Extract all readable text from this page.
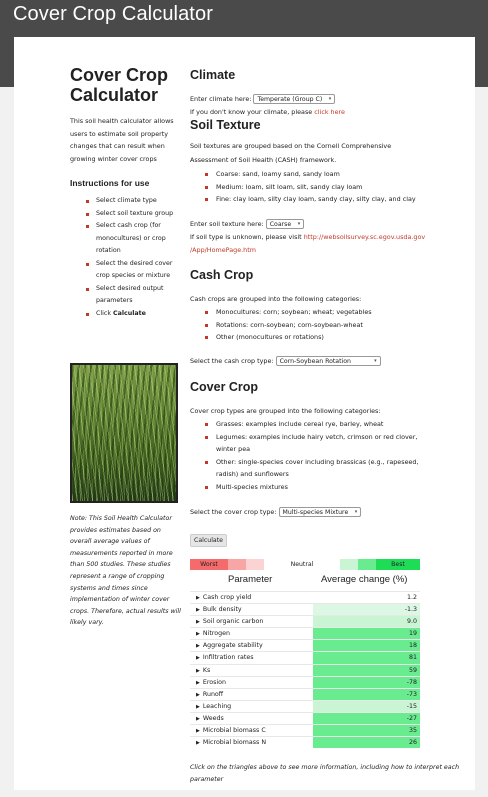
Cover Crop Calculator
Cover Crop Calculator

This soil health calculator allows users to estimate soil property changes that can result when growing winter cover crops

Instructions for use
Select climate type
Select soil texture group
Select cash crop (for monocultures) or crop rotation
Select the desired cover crop species or mixture
Select desired output parameters
Click Calculate

Note: This Soil Health Calculator provides estimates based on overall average values of measurements reported in more than 500 studies. These studies represent a range of cropping systems and times since implementation of winter cover crops. Therefore, actual results will likely vary.

Climate
Enter climate here: Temperate (Group C) ▾
If you don't know your climate, please click here
Soil Texture
Soil textures are grouped based on the Cornell Comprehensive
Assessment of Soil Health (CASH) framework.
Coarse: sand, loamy sand, sandy loam
Medium: loam, silt loam, silt, sandy clay loam
Fine: clay loam, silty clay loam, sandy clay, silty clay, and clay
Enter soil texture here: Coarse ▾
If soil type is unknown, please visit http://websoilsurvey.sc.egov.usda.gov
/App/HomePage.htm
Cash Crop
Cash crops are grouped into the following categories:
Monocultures: corn; soybean; wheat; vegetables
Rotations: corn-soybean; corn-soybean-wheat
Other (monocultures or rotations)
Select the cash crop type: Corn-Soybean Rotation	▾
Cover Crop
Cover crop types are grouped into the following categories:
Grasses: examples include cereal rye, barley, wheat
Legumes: examples include hairy vetch, crimson or red clover,
winter pea
Other: single-species cover including brassicas (e.g., rapeseed,
radish) and sunflowers
Multi-species mixtures
Select the cover crop type: Multi-species Mixture ▾
Calculate
Worst	Neutral	Best
Parameter	Average change (%)
▶ Cash crop yield	1.2
▶ Bulk density	-1.3
▶ Soil organic carbon	9.0
▶ Nitrogen	19
▶ Aggregate stability	18
▶ Infiltration rates	81
▶ Ks	59
▶ Erosion	-78
▶ Runoff	-73
▶ Leaching	-15
▶ Weeds	-27
▶ Microbial biomass C	35
▶ Microbial biomass N	26

Click on the triangles above to see more information, including how to interpret each parameter
